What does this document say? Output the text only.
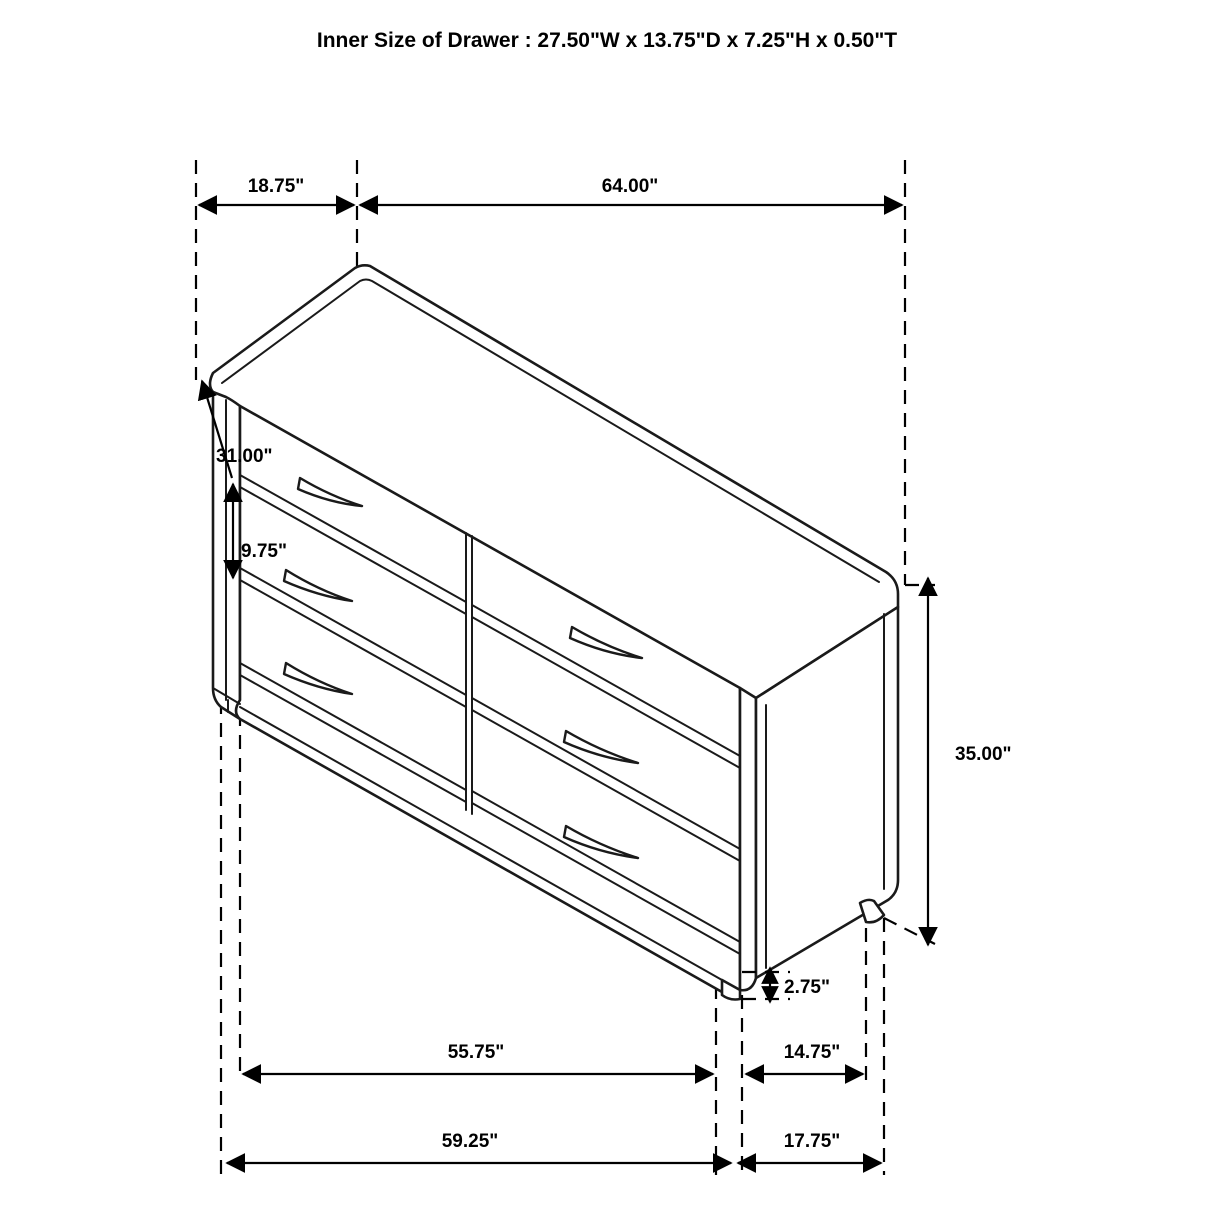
Inner Size of Drawer : 27.50"W x 13.75"D x 7.25"H x 0.50"T
18.75"	64.00"
31.00"
9.75"
35.00"
2.75"
55.75"	14.75"
59.25"	17.75"
